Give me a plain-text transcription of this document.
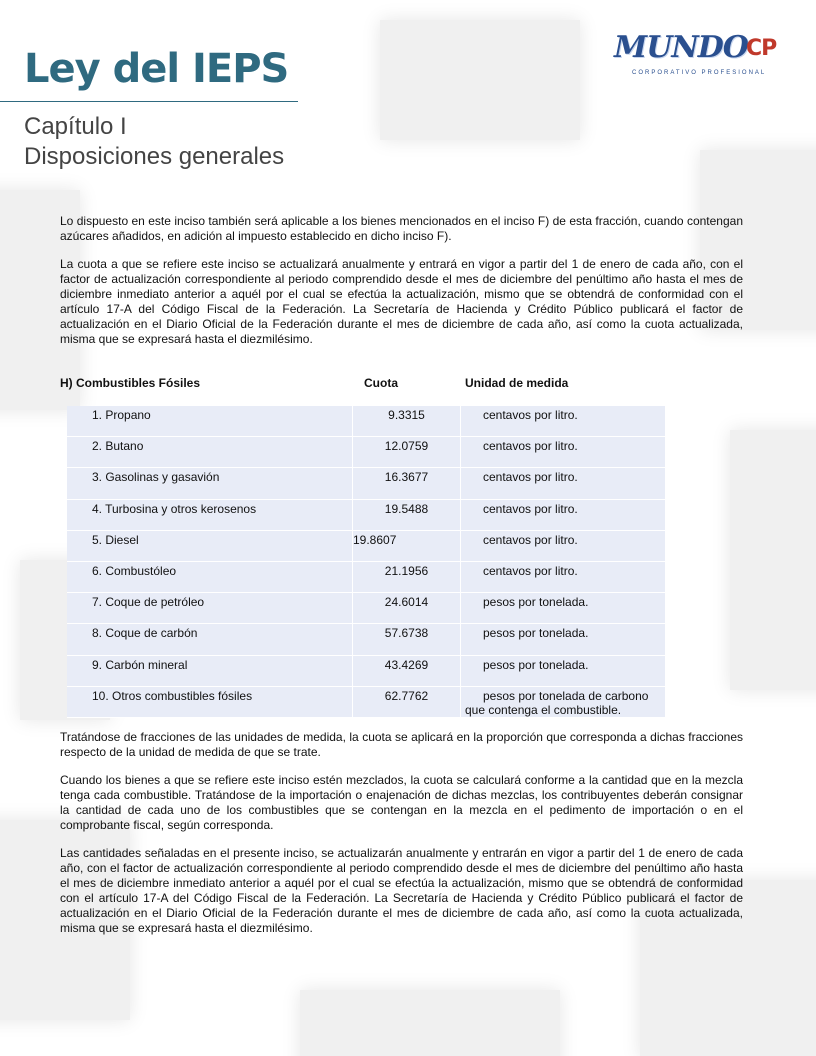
Ley del IEPS
Capítulo I
Disposiciones generales
MUNDO
CP
CORPORATIVO PROFESIONAL

Lo dispuesto en este inciso también será aplicable a los bienes mencionados en el inciso F) de esta fracción, cuando contengan azúcares añadidos, en adición al impuesto establecido en dicho inciso F).

La cuota a que se refiere este inciso se actualizará anualmente y entrará en vigor a partir del 1 de enero de cada año, con el factor de actualización correspondiente al periodo comprendido desde el mes de diciembre del penúltimo año hasta el mes de diciembre inmediato anterior a aquél por el cual se efectúa la actualización, mismo que se obtendrá de conformidad con el artículo 17-A del Código Fiscal de la Federación. La Secretaría de Hacienda y Crédito Público publicará el factor de actualización en el Diario Oficial de la Federación durante el mes de diciembre de cada año, así como la cuota actualizada, misma que se expresará hasta el diezmilésimo.

H) Combustibles Fósiles	Cuota	Unidad de medida
1. Propano	9.3315	centavos por litro.
2. Butano	12.0759	centavos por litro.
3. Gasolinas y gasavión	16.3677	centavos por litro.
4. Turbosina y otros kerosenos	19.5488	centavos por litro.
5. Diesel	19.8607	centavos por litro.
6. Combustóleo	21.1956	centavos por litro.
7. Coque de petróleo	24.6014	pesos por tonelada.
8. Coque de carbón	57.6738	pesos por tonelada.
9. Carbón mineral	43.4269	pesos por tonelada.
10. Otros combustibles fósiles	62.7762	pesos por tonelada de carbono
que contenga el combustible.

Tratándose de fracciones de las unidades de medida, la cuota se aplicará en la proporción que corresponda a dichas fracciones respecto de la unidad de medida de que se trate.

Cuando los bienes a que se refiere este inciso estén mezclados, la cuota se calculará conforme a la cantidad que en la mezcla tenga cada combustible. Tratándose de la importación o enajenación de dichas mezclas, los contribuyentes deberán consignar la cantidad de cada uno de los combustibles que se contengan en la mezcla en el pedimento de importación o en el comprobante fiscal, según corresponda.

Las cantidades señaladas en el presente inciso, se actualizarán anualmente y entrarán en vigor a partir del 1 de enero de cada año, con el factor de actualización correspondiente al periodo comprendido desde el mes de diciembre del penúltimo año hasta el mes de diciembre inmediato anterior a aquél por el cual se efectúa la actualización, mismo que se obtendrá de conformidad con el artículo 17-A del Código Fiscal de la Federación. La Secretaría de Hacienda y Crédito Público publicará el factor de actualización en el Diario Oficial de la Federación durante el mes de diciembre de cada año, así como la cuota actualizada, misma que se expresará hasta el diezmilésimo.
